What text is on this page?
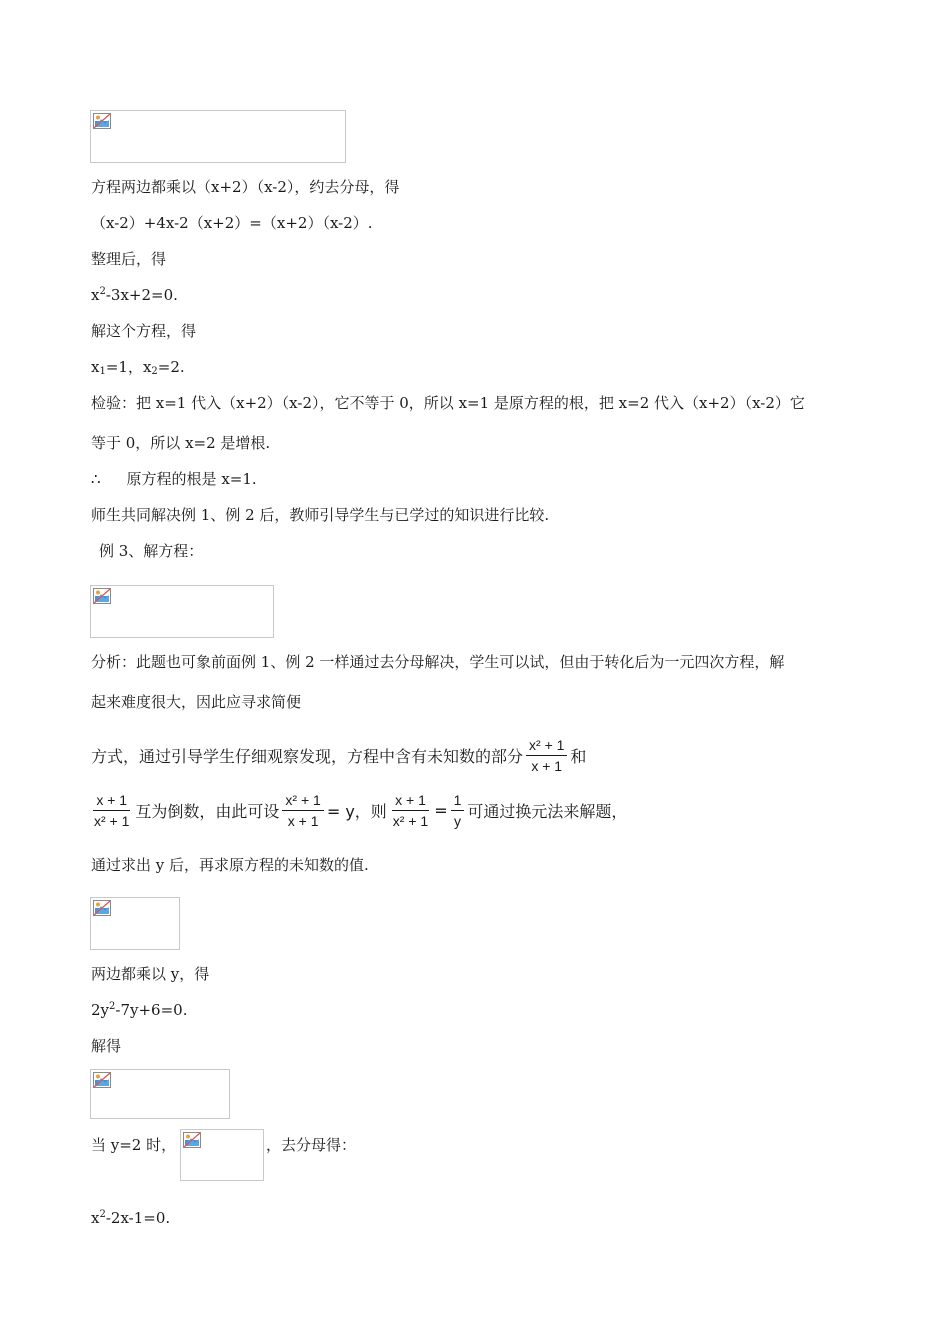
方程两边都乘以（x+2）（x-2），约去分母，得
（x-2）+4x-2（x+2）=（x+2）（x-2）.
整理后，得
$x^2-3x+2=0$.
解这个方程，得
$x_1=1$，$x_2=2$.
检验：把 x=1 代入（x+2）（x-2），它不等于 0，所以 x=1 是原方程的根，把 x=2 代入（x+2）（x-2）它
等于 0，所以 x=2 是增根.
∴ 原方程的根是 x=1.
师生共同解决例 1、例 2 后，教师引导学生与已学过的知识进行比较.
例 3、解方程：
分析：此题也可象前面例 1、例 2 一样通过去分母解决，学生可以试，但由于转化后为一元四次方程，解
起来难度很大，因此应寻求简便
方式，通过引导学生仔细观察发现，方程中含有未知数的部分 $\frac{\text{x² + 1}}{x + 1}$ 和
$\frac{x + 1}{\text{x² + 1}}$ 互为倒数，由此可设 $\frac{\text{x² + 1}}{x + 1} = y$，则 $\frac{x + 1}{\text{x² + 1}} = \frac{1}{y}$ 可通过换元法来解题，
通过求出 y 后，再求原方程的未知数的值.
两边都乘以 y，得
$2y^2-7y+6=0$.
解得
当 y=2 时，	，去分母得：
$x^2-2x-1=0$.
